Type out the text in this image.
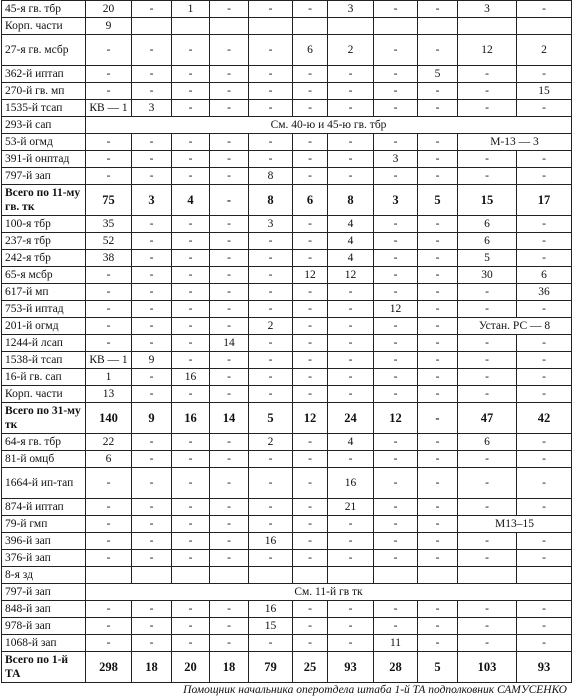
45-я гв. тбр	20	-	1	-	-	-	3	-	-	3	-
Корп. части	9										
27-я гв. мсбр	-	-	-	-	-	6	2	-	-	12	2
362-й иптап	-	-	-	-	-	-	-	-	5	-	-
270-й гв. мп	-	-	-	-	-	-	-	-	-	-	15
1535-й тсап	КВ — 1	3	-	-	-	-	-	-	-	-	-
293-й сап	См. 40-ю и 45-ю гв. тбр										
53-й огмд	-	-	-	-	-	-	-	-	-	М-13 — 3	
391-й онптад	-	-	-	-	-	-	-	3	-	-	-
797-й зап	-	-	-	-	8	-	-	-	-	-	-
Всего по 11-му гв. тк	75	3	4	-	8	6	8	3	5	15	17
100-я тбр	35	-	-	-	3	-	4	-	-	6	-
237-я тбр	52	-	-	-	-	-	4	-	-	6	-
242-я тбр	38	-	-	-	-	-	4	-	-	5	-
65-я мсбр	-	-	-	-	-	12	12	-	-	30	6
617-й мп	-	-	-	-	-	-	-	-	-	-	36
753-й иптад	-	-	-	-	-	-	-	12	-	-	-
201-й огмд	-	-	-	-	2	-	-	-	-	Устан. РС — 8	
1244-й лсап	-	-	-	14	-	-	-	-	-	-	-
1538-й тсап	КВ — 1	9	-	-	-	-	-	-	-	-	-
16-й гв. сап	1	-	16	-	-	-	-	-	-	-	-
Корп. части	13	-	-	-	-	-	-	-	-	-	-
Всего по 31-му тк	140	9	16	14	5	12	24	12	-	47	42
64-я гв. тбр	22	-	-	-	2	-	4	-	-	6	-
81-й омцб	6	-	-	-	-	-	-	-	-	-	-
1664-й ип-тап	-	-	-	-	-	-	16	-	-	-	-
874-й иптап	-	-	-	-	-	-	21	-	-	-	-
79-й гмп	-	-	-	-	-	-	-	-	-	М13–15	
396-й зап	-	-	-	-	16	-	-	-	-	-	-
376-й зап	-	-	-	-	-	-	-	-	-	-	-
8-я зд											
797-й зап	См. 11-й гв тк										
848-й зап	-	-	-	-	16	-	-	-	-	-	-
978-й зап	-	-	-	-	15	-	-	-	-	-	-
1068-й зап	-	-	-	-	-	-	-	11	-	-	-
Всего по 1-й ТА	298	18	20	18	79	25	93	28	5	103	93
Помощник начальника оперотдела штаба 1-й ТА подполковник САМУСЕНКО
